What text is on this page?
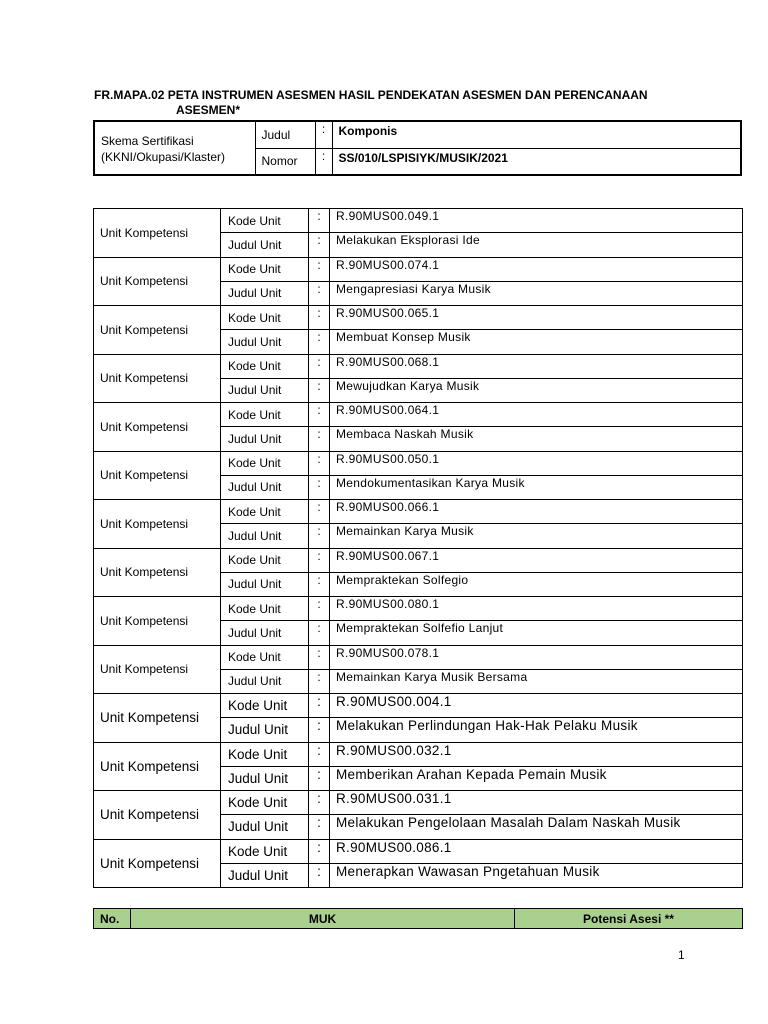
FR.MAPA.02 PETA INSTRUMEN ASESMEN HASIL PENDEKATAN ASESMEN DAN PERENCANAAN
ASESMEN*
Skema Sertifikasi
(KKNI/Okupasi/Klaster)	Judul	:	Komponis
	Nomor	:	SS/010/LSPISIYK/MUSIK/2021
Unit Kompetensi	Kode Unit	:	R.90MUS00.049.1
	Judul Unit	:	Melakukan Eksplorasi Ide
Unit Kompetensi	Kode Unit	:	R.90MUS00.074.1
	Judul Unit	:	Mengapresiasi Karya Musik
Unit Kompetensi	Kode Unit	:	R.90MUS00.065.1
	Judul Unit	:	Membuat Konsep Musik
Unit Kompetensi	Kode Unit	:	R.90MUS00.068.1
	Judul Unit	:	Mewujudkan Karya Musik
Unit Kompetensi	Kode Unit	:	R.90MUS00.064.1
	Judul Unit	:	Membaca Naskah Musik
Unit Kompetensi	Kode Unit	:	R.90MUS00.050.1
	Judul Unit	:	Mendokumentasikan Karya Musik
Unit Kompetensi	Kode Unit	:	R.90MUS00.066.1
	Judul Unit	:	Memainkan Karya Musik
Unit Kompetensi	Kode Unit	:	R.90MUS00.067.1
	Judul Unit	:	Mempraktekan Solfegio
Unit Kompetensi	Kode Unit	:	R.90MUS00.080.1
	Judul Unit	:	Mempraktekan Solfefio Lanjut
Unit Kompetensi	Kode Unit	:	R.90MUS00.078.1
	Judul Unit	:	Memainkan Karya Musik Bersama
Unit Kompetensi	Kode Unit	:	R.90MUS00.004.1
	Judul Unit	:	Melakukan Perlindungan Hak-Hak Pelaku Musik
Unit Kompetensi	Kode Unit	:	R.90MUS00.032.1
	Judul Unit	:	Memberikan Arahan Kepada Pemain Musik
Unit Kompetensi	Kode Unit	:	R.90MUS00.031.1
	Judul Unit	:	Melakukan Pengelolaan Masalah Dalam Naskah Musik
Unit Kompetensi	Kode Unit	:	R.90MUS00.086.1
	Judul Unit	:	Menerapkan Wawasan Pngetahuan Musik
No.	MUK	Potensi Asesi **
1
